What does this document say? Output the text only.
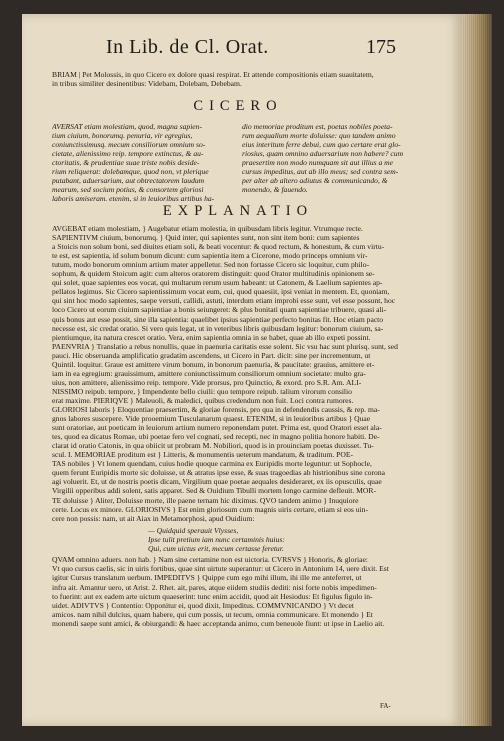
In Lib. de Cl. Orat.	175
BRIAM | Pet Molossis, in quo Cicero ex dolore quasi respirat. Et attende compositionis etiam suauitatem,
in tribus similiter desinentibus: Videbam, Dolebam, Debebam.
CICERO
AVERSAT etiam molestiam, quod, magna sapien-
tium ciuium, bonorumq. penuria, vir egregius,
coniunctissimusq. mecum consiliorum omnium so-
cietate, alienissimo reip. tempore extinctus, & au-
ctoritatis, & prudentiae suae triste nobis deside-
rium reliquerat: dolebamque, quod non, vt plerique
putabant, aduersarium, aut obtrectatorem laudum
mearum, sed socium potius, & consortem gloriosi
laboris amiseram. etenim, si in leuioribus artibus ha-
dio memoriae proditum est, poetas nobiles poeta-
rum aequalium morte doluisse: quo tandem animo
eius interitum ferre debui, cum quo certare erat glo-
riosius, quam omnino aduersarium non habere? cum
praesertim non modo numquam sit aut illius a me
cursus impeditus, aut ab illo meus; sed contra sem-
per alter ab altero adiutus & communicando, &
monendo, & fauendo.
EXPLANATIO
AVGEBAT etiam molestiam, } Augebatur etiam molestia, in quibusdam libris legitur. Vtrumque recte.
SAPIENTIVM ciuium, bonorumq. } Quid inter, qui sapientes sunt, non sint item boni: cum sapientes
a Stoicis non solum boni, sed diuites etiam soli, & beati vocentur: & quod rectum, & honestum, & cum virtu-
te est, est sapientia, id solum bonum dicunt: cum sapientia item a Cicerone, modo princeps omnium vir-
tutum, modo bonorum omnium artium mater appelletur. Sed non fortasse Cicero sic loquitur, cum philo-
sophum, & quidem Stoicum agit: cum alteros oratorem distinguit: quod Orator multitudinis opinionem se-
qui solet, quae sapientes eos vocat, qui multarum rerum usum habeant: ut Catonem, & Laelium sapientes ap-
pellatos legimus. Sic Cicero sapientissimum vocat eum, cui, quod quaesiit, ipsi veniat in mentem. Et, quoniam,
qui sint hoc modo sapientes, saepe versuti, callidi, astuti, interdum etiam improbi esse sunt, vel esse possunt, hoc
loco Cicero ut eorum ciuium sapientiae a bonis seiungeret: & plus bonitati quam sapientiae tribuere, quasi ali-
quis bonus aut esse possit, sine illa sapientia: quaelibet ipsius sapientiae perfecto bonitas fit. Hoc etiam pacto
necesse est, sic credat oratio. Si vero quis legat, ut in veteribus libris quibusdam legitur: bonorum ciuium, sa-
pientiumque, ita natura crescet oratio. Vera, enim sapientia omnia in se habet, quae ab illo expeti possint.
PAENVRIA } Translatio a rebus nonullis, quae in paenuria caritatis esse solent. Sic vsu hac sunt plurisq. sunt, sed
pauci. Hic obseruanda amplificatio gradatim ascendens, ut Cicero in Part. dicit: sine per incrementum, ut
Quintil. loquitur. Graue est amittere virum bonum, in bonorum paenuria, & paucitate: grauius, amittere et-
iam in ea egregium: grauissimum, amittere coniunctissimum consiliorum omnium societate: multo gra-
uius, non amittere, alienissimo reip. tempore. Vide prorsus, pro Quinctio, & exord. pro S.R. Am. ALI-
NISSIMO reipub. tempore, } Impendente bello ciuili: quo tempore reipub. talium virorum consilio
erat maxime. PIERIQVE } Maleuoli, & maledici, quibus credendum non fuit. Loci contra rumores.
GLORIOSI laboris } Eloquentiae praesertim, & gloriae forensis, pro qua in defendendis caussis, & rep. ma-
gnos labores suscepere. Vide prooemium Tusculanarum quaest. ETENIM, si in leuioribus artibus } Quae
sunt oratoriae, aut poeticam in leuiorum artium numero reponendam putet. Prima est, quod Oratori esset ala-
tes, quod ea dicatus Romae, ubi poetae fero vel cognati, sed recepti, nec in magno politia honore habiti. De-
clarat id oratio Catonis, in qua obiicit ut probram M. Nobiliori, quod is in prouinciam poetas duxisset. Tu-
scul. I. MEMORIAE proditum est } Litteris, & monumentis ueterum mandatum, & traditum. POE-
TAS nobiles } Vt lonem quendam, cuius hodie quoque carmina ex Euripidis morte leguntur: ut Sophocle,
quem ferunt Euripidis morte sic doluisse, ut & atratus ipse esse, & suas tragoedias ab histrionibus sine corona
agi voluerit. Et, ut de nostris poetis dicam, Virgilium quae poetae aequales desideraret, ex iis opusculis, quae
Virgilii opperibus addi solent, satis apparet. Sed & Ouidium Tibulli mortem longo carmine defleuit. MOR-
TE doluisse } Aliter, Doluisse morte, ille paene ternam hic diximus. QVO tandem animo } Inuquiore
certe. Locus ex minore. GLORIOSIVS } Est enim gloriosum cum magnis uiris certare, etiam si eos uin-
cere non possis: nam, ut ait Aiax in Metamorphosi, apud Ouidium:
— Quidquid sperauit Vlysses,
Ipse tulit pretium iam nunc certaminis huius:
Qui, cum uictus erit, mecum certasse feretur.
QVAM omnino aduers. non hab. } Nam sine certamine non est uictoria. CVRSVS } Honoris, & gloriae:
Vt quo cursus caelis, sic in uiris fortibus, quae sint uirtute superantur: ut Cicero in Antonium 14, uere dixit. Est
igitur Cursus translatum uerbum. IMPEDITVS } Quippe cum ego mihi illum, ihi ille me anteferret, ut
infra ait. Amantur uero, ut Arist. 2. Rhet. ait, pares, atque eiidem studiis dediti: nisi forte nobis impedimen-
to fuerint: aut ex eadem arte uictum quaeserint: tunc enim accidit, quod ait Hesiodus: Et figulus figulo in-
uidet. ADIVTVS } Contentio: Opponitur ei, quod dixit, Impeditus. COMMVNICANDO } Vt decet
amicos. nam nihil dulcius, quam habere, qui cum possis, ut tecum, omnia communicare. Et monendo } Et
monendi saepe sunt amici, & obiurgandi: & haec acceptanda animo, cum beneuole fiunt: ut ipse in Laelio ait.
FA-
